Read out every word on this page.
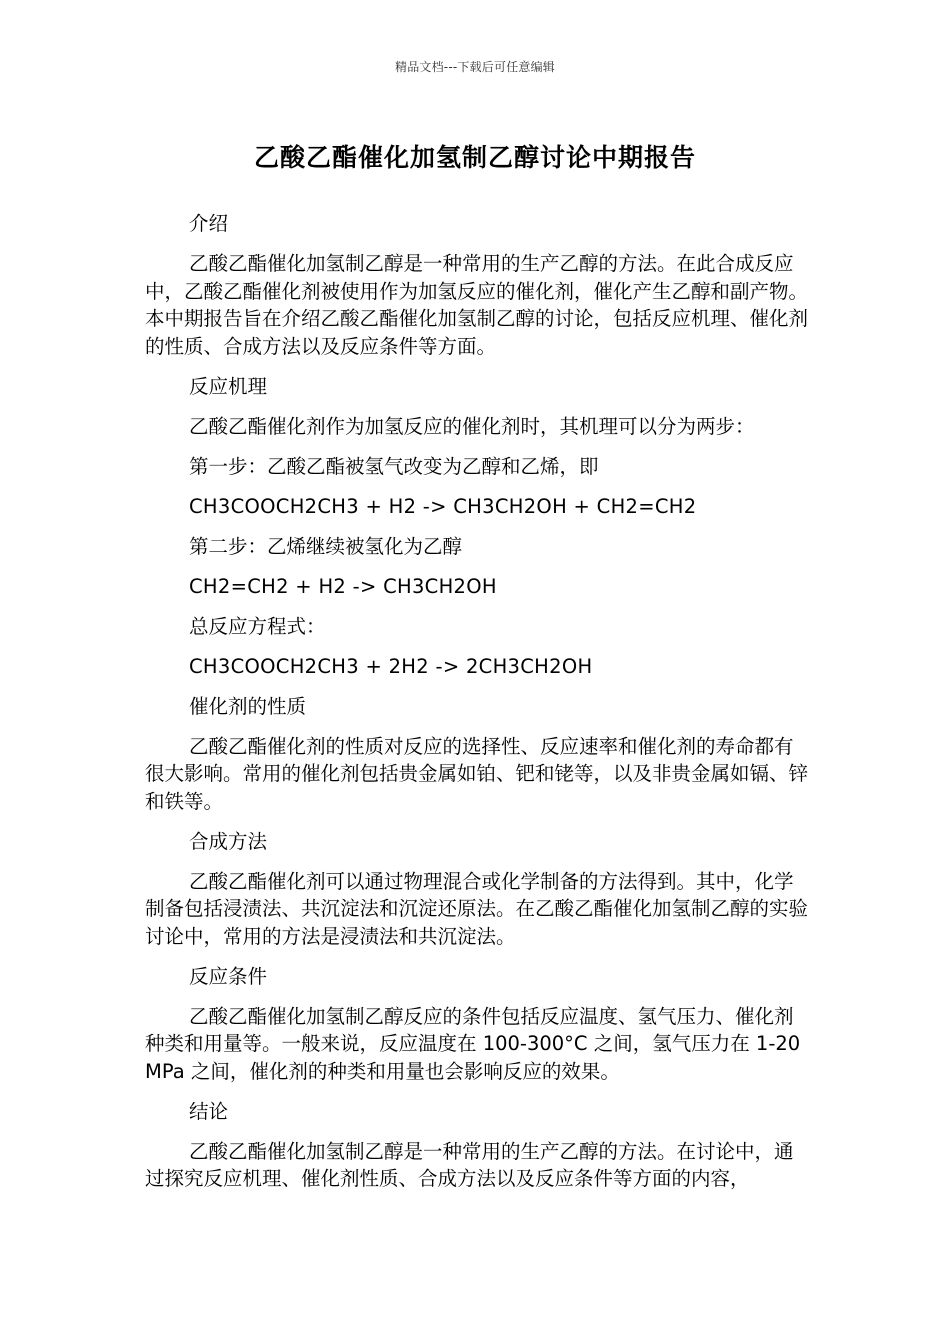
精品文档---下载后可任意编辑
乙酸乙酯催化加氢制乙醇讨论中期报告
介绍
乙酸乙酯催化加氢制乙醇是一种常用的生产乙醇的方法。在此合成反应中，乙酸乙酯催化剂被使用作为加氢反应的催化剂，催化产生乙醇和副产物。本中期报告旨在介绍乙酸乙酯催化加氢制乙醇的讨论，包括反应机理、催化剂的性质、合成方法以及反应条件等方面。
反应机理
乙酸乙酯催化剂作为加氢反应的催化剂时，其机理可以分为两步：
第一步：乙酸乙酯被氢气改变为乙醇和乙烯，即
CH3COOCH2CH3 + H2 -> CH3CH2OH + CH2=CH2
第二步：乙烯继续被氢化为乙醇
CH2=CH2 + H2 -> CH3CH2OH
总反应方程式：
CH3COOCH2CH3 + 2H2 -> 2CH3CH2OH
催化剂的性质
乙酸乙酯催化剂的性质对反应的选择性、反应速率和催化剂的寿命都有很大影响。常用的催化剂包括贵金属如铂、钯和铑等，以及非贵金属如镉、锌和铁等。
合成方法
乙酸乙酯催化剂可以通过物理混合或化学制备的方法得到。其中，化学制备包括浸渍法、共沉淀法和沉淀还原法。在乙酸乙酯催化加氢制乙醇的实验讨论中，常用的方法是浸渍法和共沉淀法。
反应条件
乙酸乙酯催化加氢制乙醇反应的条件包括反应温度、氢气压力、催化剂种类和用量等。一般来说，反应温度在 100-300°C 之间，氢气压力在 1-20 MPa 之间，催化剂的种类和用量也会影响反应的效果。
结论
乙酸乙酯催化加氢制乙醇是一种常用的生产乙醇的方法。在讨论中，通过探究反应机理、催化剂性质、合成方法以及反应条件等方面的内容，
